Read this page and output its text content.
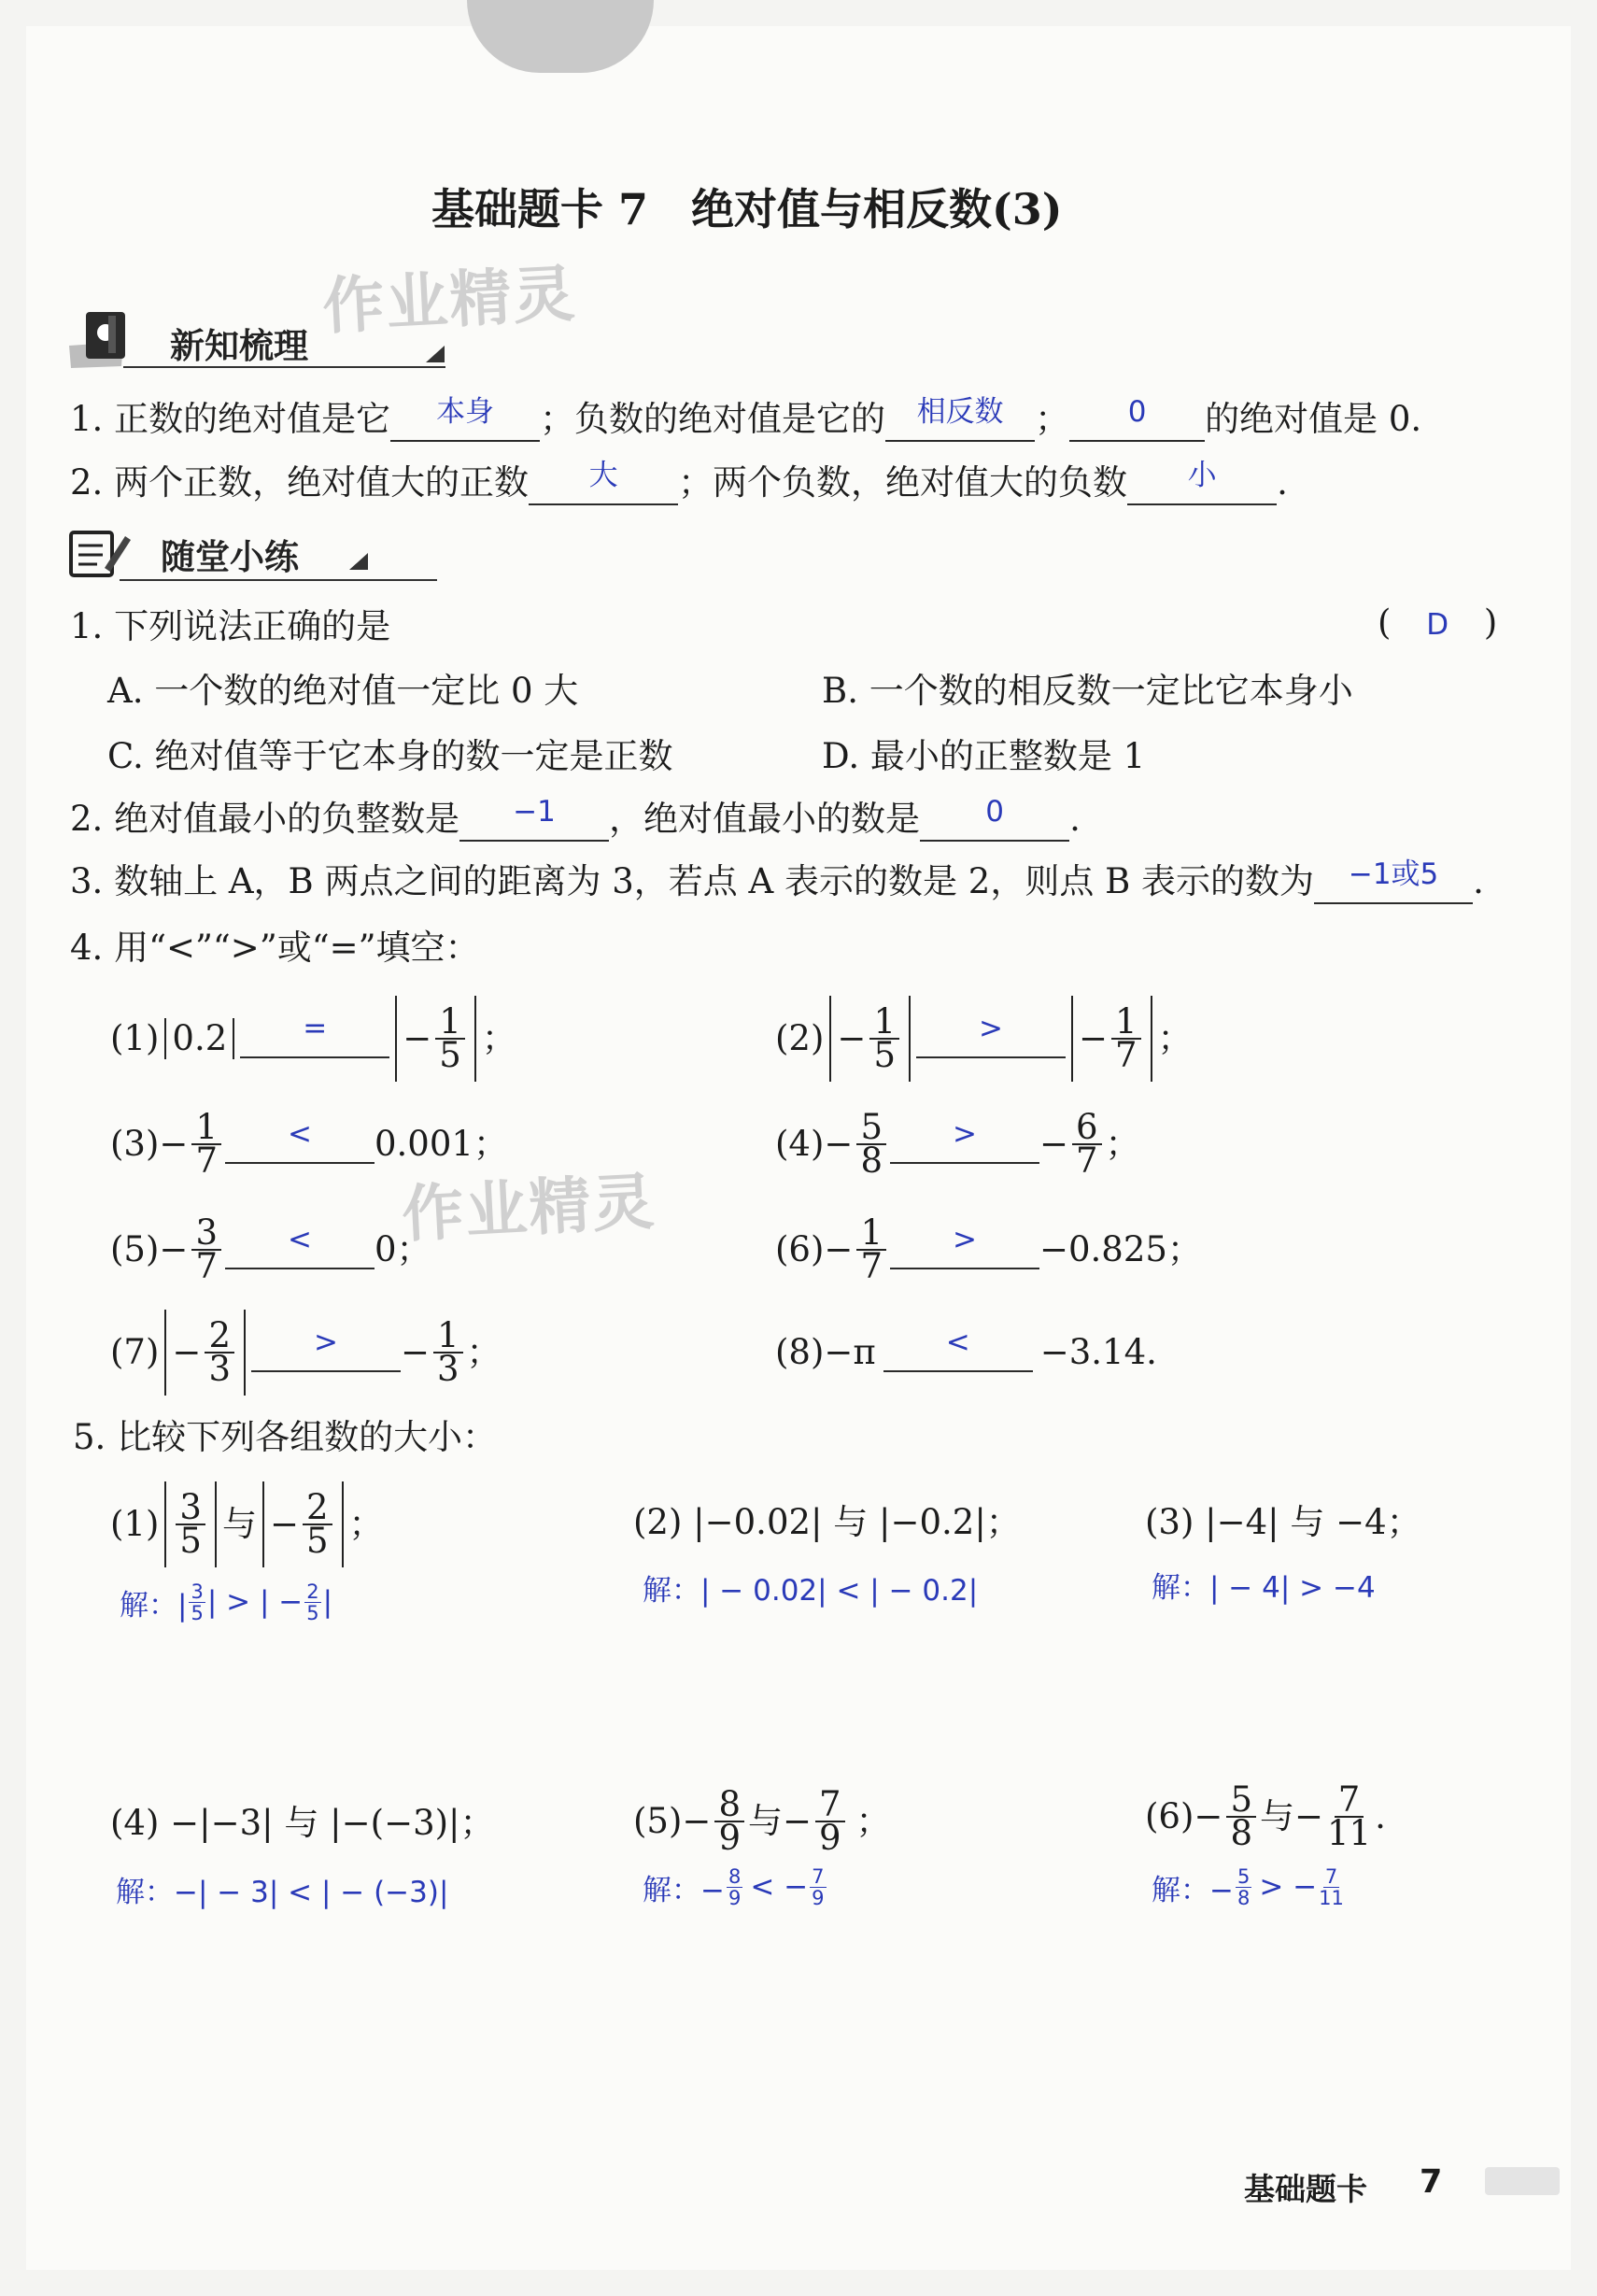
基础题卡 7　绝对值与相反数(3)
作业精灵
作业精灵
新知梳理
1. 正数的绝对值是它 $^{本身}$ ；负数的绝对值是它的 $^{相反数}$ ； $^0$ 的绝对值是 0.
2. 两个正数，绝对值大的正数 $^大$ ；两个负数，绝对值大的负数 $^小$ .
随堂小练
1. 下列说法正确的是	( D )
A. 一个数的绝对值一定比 0 大	B. 一个数的相反数一定比它本身小
C. 绝对值等于它本身的数一定是正数	D. 最小的正整数是 1
2. 绝对值最小的负整数是 $^{-1}$ ，绝对值最小的数是 $^0$ .
3. 数轴上 A，B 两点之间的距离为 3，若点 A 表示的数是 2，则点 B 表示的数为 $^{-1或5}$ .
4. 用“<”“>”或“=”填空：
(1) 0.2	=	− $\frac{1}{5}$ ；	$(2) - \frac{1}{5}$	>	− $\frac{1}{7}$ ；
$(3) - \frac{1}{7}$	<	0.001；	$(4) - \frac{5}{8}$	>	− $\frac{6}{7}$ ；
$(5) - \frac{3}{7}$	<	0；	$(6) - \frac{1}{7}$	>	−0.825；
$(7) - \frac{2}{3}$	>	− $\frac{1}{3}$ ；	(8) −π	<	−3.14.
5. 比较下列各组数的大小：
$(1) \frac{3}{5}$ 与 − $\frac{2}{5}$ ；
解：| $\frac{3}{5}$ | > | − $\frac{2}{5}$ |
(2) |−0.02| 与 |−0.2|；
解：| − 0.02| < | − 0.2|
(3) |−4| 与 −4；
解：| − 4| > −4
(4) −|−3| 与 |−(−3)|；
解：−| − 3| < | − (−3)|
$(5) - \frac{8}{9}$ 与 − $\frac{7}{9}$ ；
解：− $\frac{8}{9}$ < − $\frac{7}{9}$
$(6) - \frac{5}{8}$ 与 − $\frac{7}{11}$ .
解：− $\frac{5}{8}$ > − $\frac{7}{11}$
基础题卡 7
